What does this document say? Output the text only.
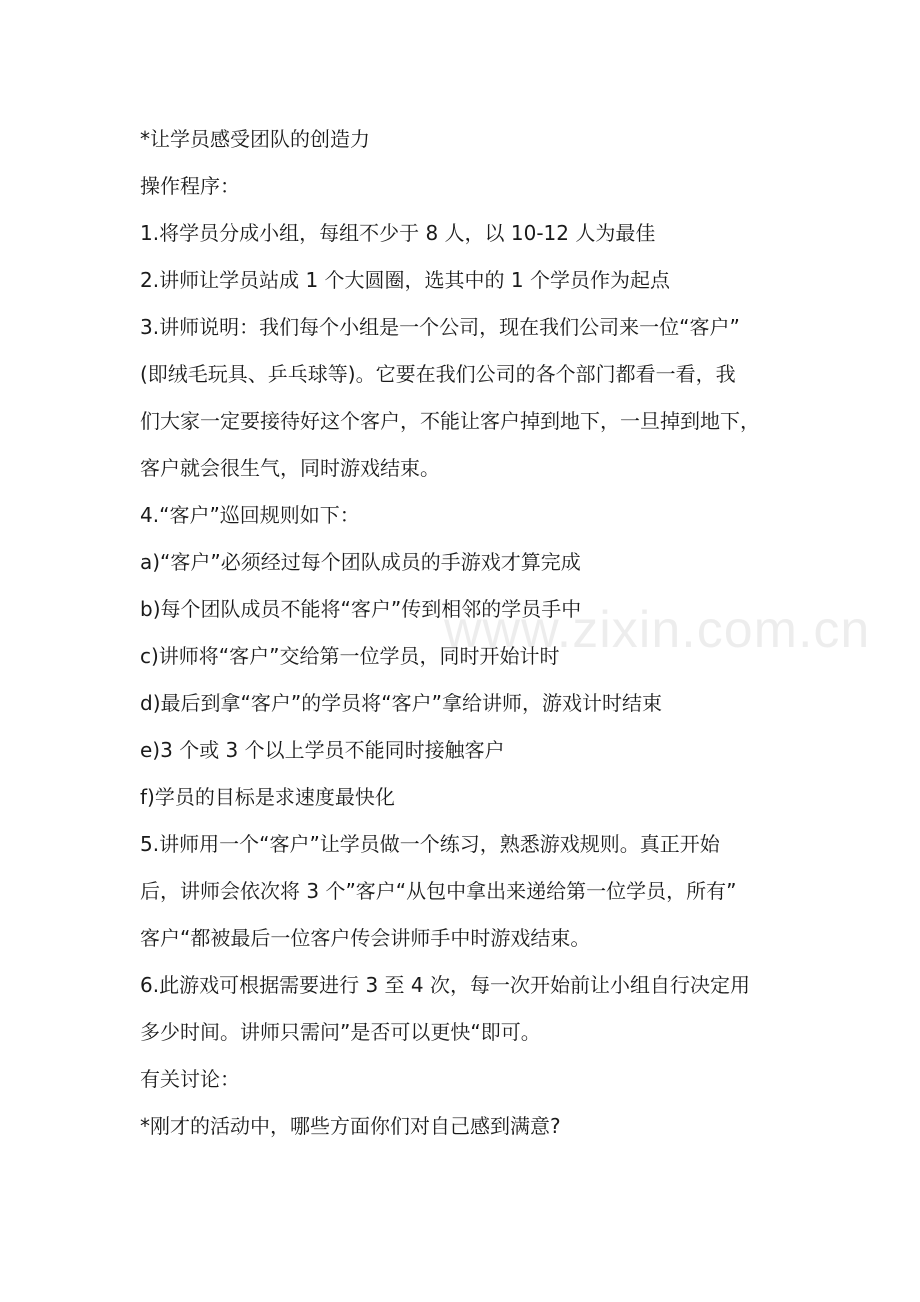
*让学员感受团队的创造力
操作程序：
1.将学员分成小组，每组不少于 8 人，以 10-12 人为最佳
2.讲师让学员站成 1 个大圆圈，选其中的 1 个学员作为起点
3.讲师说明：我们每个小组是一个公司，现在我们公司来一位“客户”
(即绒毛玩具、乒乓球等)。它要在我们公司的各个部门都看一看，我
们大家一定要接待好这个客户，不能让客户掉到地下，一旦掉到地下，
客户就会很生气，同时游戏结束。
4.“客户”巡回规则如下：
a)“客户”必须经过每个团队成员的手游戏才算完成
b)每个团队成员不能将“客户”传到相邻的学员手中
c)讲师将“客户”交给第一位学员，同时开始计时
d)最后到拿“客户”的学员将“客户”拿给讲师，游戏计时结束
e)3 个或 3 个以上学员不能同时接触客户
f)学员的目标是求速度最快化
5.讲师用一个“客户”让学员做一个练习，熟悉游戏规则。真正开始
后，讲师会依次将 3 个”客户“从包中拿出来递给第一位学员，所有”
客户“都被最后一位客户传会讲师手中时游戏结束。
6.此游戏可根据需要进行 3 至 4 次，每一次开始前让小组自行决定用
多少时间。讲师只需问”是否可以更快“即可。
有关讨论：
*刚才的活动中，哪些方面你们对自己感到满意?
www.zixin.com.cn
